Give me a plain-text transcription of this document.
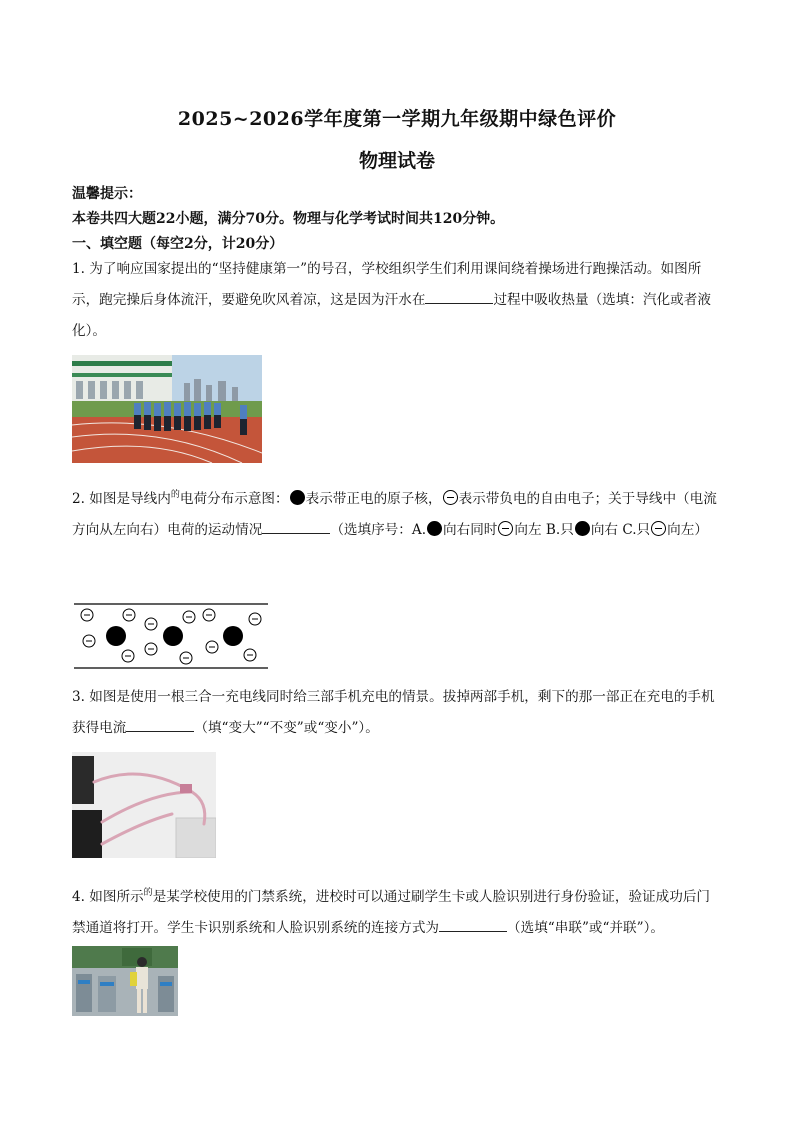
2025~2026学年度第一学期九年级期中绿色评价
物理试卷
温馨提示：
本卷共四大题22小题，满分70分。物理与化学考试时间共120分钟。
一、填空题（每空2分，计20分）
1. 为了响应国家提出的“坚持健康第一”的号召，学校组织学生们利用课间绕着操场进行跑操活动。如图所示，跑完操后身体流汗，要避免吹风着凉，这是因为汗水在	过程中吸收热量（选填：汽化或者液化）。
2. 如图是导线内$^的$电荷分布示意图： 表示带正电的原子核， 表示带负电的自由电子；关于导线中（电流方向从左向右）电荷的运动情况	（选填序号：A. 向右同时 向左 B.只 向右 C.只 向左）
3. 如图是使用一根三合一充电线同时给三部手机充电的情景。拔掉两部手机，剩下的那一部正在充电的手机获得电流	（填“变大”“不变”或“变小”）。
4. 如图所示$^的$是某学校使用的门禁系统，进校时可以通过刷学生卡或人脸识别进行身份验证，验证成功后门禁通道将打开。学生卡识别系统和人脸识别系统的连接方式为	（选填“串联”或“并联”）。
